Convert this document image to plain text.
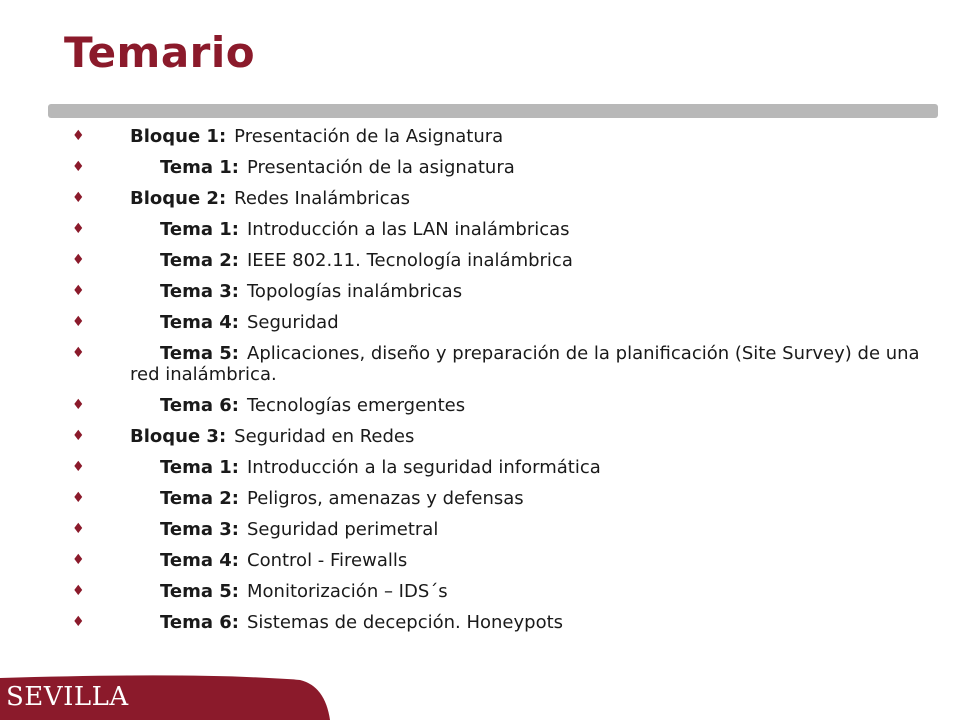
Temario
♦	Bloque 1: Presentación de la Asignatura
♦	Tema 1: Presentación de la asignatura
♦	Bloque 2: Redes Inalámbricas
♦	Tema 1: Introducción a las LAN inalámbricas
♦	Tema 2: IEEE 802.11. Tecnología inalámbrica
♦	Tema 3: Topologías inalámbricas
♦	Tema 4: Seguridad
♦	Tema 5: Aplicaciones, diseño y preparación de la planificación (Site Survey) de una red inalámbrica.
♦	Tema 6: Tecnologías emergentes
♦	Bloque 3: Seguridad en Redes
♦	Tema 1: Introducción a la seguridad informática
♦	Tema 2: Peligros, amenazas y defensas
♦	Tema 3: Seguridad perimetral
♦	Tema 4: Control - Firewalls
♦	Tema 5: Monitorización – IDS´s
♦	Tema 6: Sistemas de decepción. Honeypots
UNIVERSIDAD Ð SEVILLA
